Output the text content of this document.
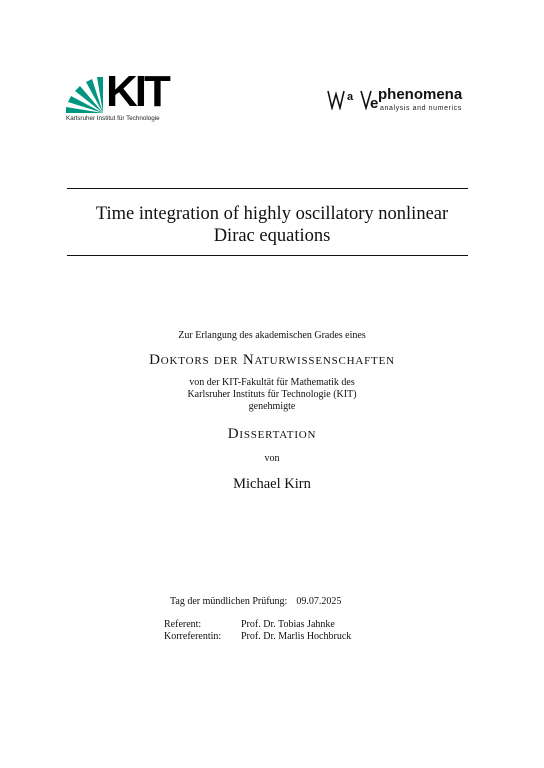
KIT
Karlsruher Institut für Technologie
a e
phenomena
analysis and numerics
Time integration of highly oscillatory nonlinear
Dirac equations
Zur Erlangung des akademischen Grades eines
Doktors der Naturwissenschaften
von der KIT-Fakultät für Mathematik des
Karlsruher Instituts für Technologie (KIT)
genehmigte
Dissertation
von
Michael Kirn
Tag der mündlichen Prüfung: 09.07.2025
Referent:	Prof. Dr. Tobias Jahnke
Korreferentin: Prof. Dr. Marlis Hochbruck
